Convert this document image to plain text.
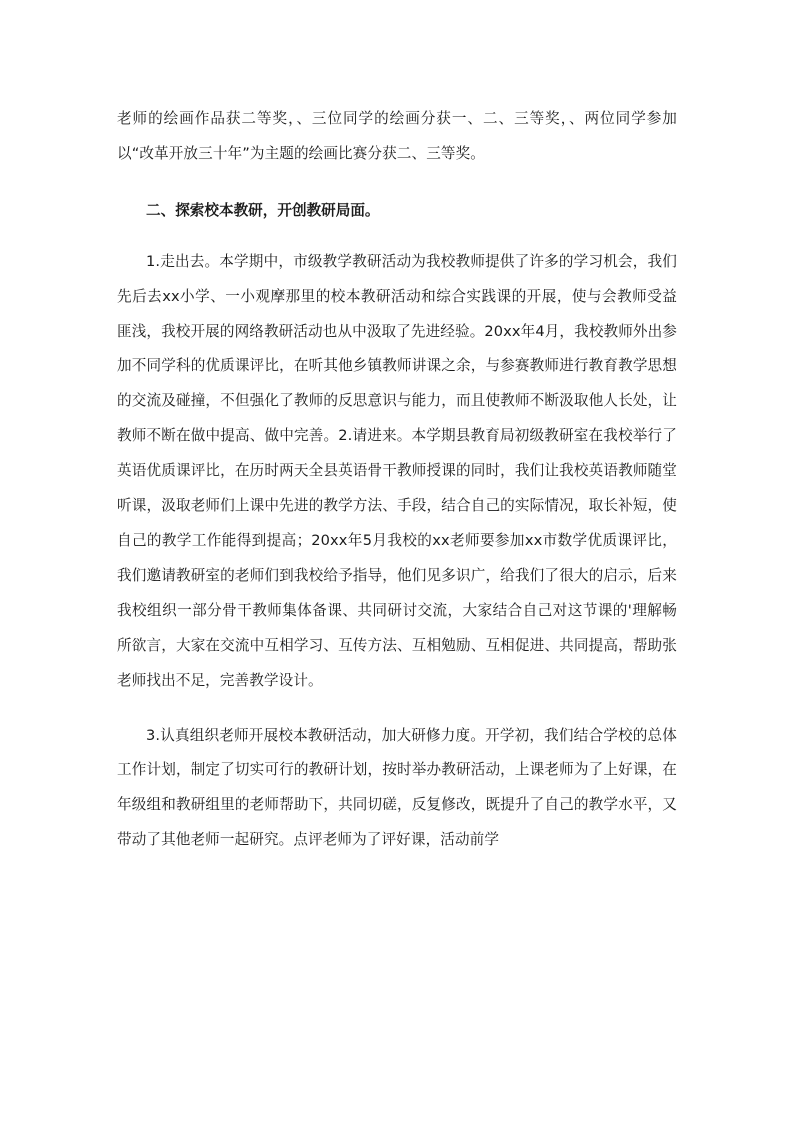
老师的绘画作品获二等奖，、三位同学的绘画分获一、二、三等奖，、两位同学参加以“改革开放三十年”为主题的绘画比赛分获二、三等奖。

二、探索校本教研，开创教研局面。

1.走出去。本学期中，市级教学教研活动为我校教师提供了许多的学习机会，我们先后去xx小学、一小观摩那里的校本教研活动和综合实践课的开展，使与会教师受益匪浅，我校开展的网络教研活动也从中汲取了先进经验。20xx年4月，我校教师外出参加不同学科的优质课评比，在听其他乡镇教师讲课之余，与参赛教师进行教育教学思想的交流及碰撞，不但强化了教师的反思意识与能力，而且使教师不断汲取他人长处，让教师不断在做中提高、做中完善。2.请进来。本学期县教育局初级教研室在我校举行了英语优质课评比，在历时两天全县英语骨干教师授课的同时，我们让我校英语教师随堂听课，汲取老师们上课中先进的教学方法、手段，结合自己的实际情况，取长补短，使自己的教学工作能得到提高；20xx年5月我校的xx老师要参加xx市数学优质课评比，我们邀请教研室的老师们到我校给予指导，他们见多识广，给我们了很大的启示，后来我校组织一部分骨干教师集体备课、共同研讨交流，大家结合自己对这节课的'理解畅所欲言，大家在交流中互相学习、互传方法、互相勉励、互相促进、共同提高，帮助张老师找出不足，完善教学设计。

3.认真组织老师开展校本教研活动，加大研修力度。开学初，我们结合学校的总体工作计划，制定了切实可行的教研计划，按时举办教研活动，上课老师为了上好课，在年级组和教研组里的老师帮助下，共同切磋，反复修改，既提升了自己的教学水平，又带动了其他老师一起研究。点评老师为了评好课，活动前学
